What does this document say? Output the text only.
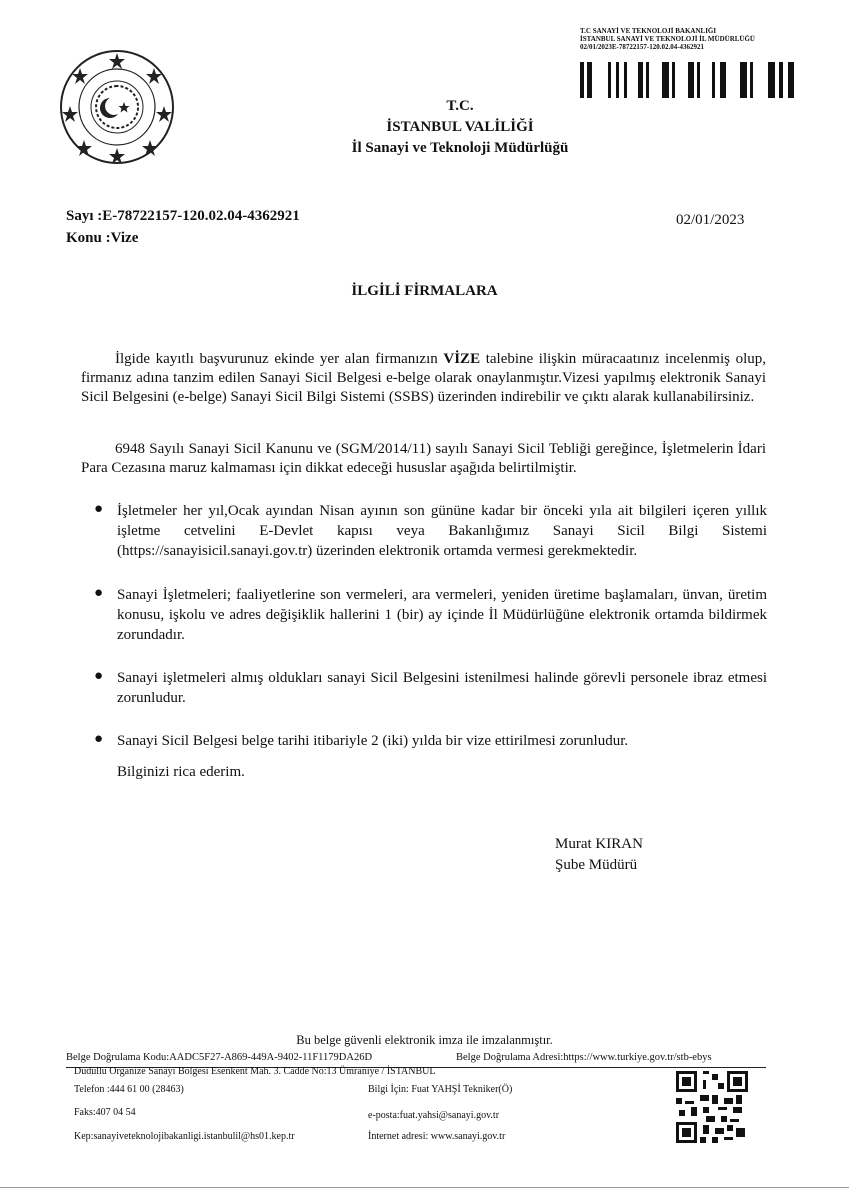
T.C SANAYİ VE TEKNOLOJİ BAKANLIĞI
İSTANBUL SANAYİ VE TEKNOLOJİ İL MÜDÜRLÜĞÜ
02/01/2023E-78722157-120.02.04-4362921
T.C.
İSTANBUL VALİLİĞİ
İl Sanayi ve Teknoloji Müdürlüğü
Sayı :E-78722157-120.02.04-4362921
Konu :Vize
02/01/2023
İLGİLİ FİRMALARA
İlgide kayıtlı başvurunuz ekinde yer alan firmanızın VİZE talebine ilişkin müracaatınız incelenmiş olup, firmanız adına tanzim edilen Sanayi Sicil Belgesi e-belge olarak onaylanmıştır.Vizesi yapılmış elektronik Sanayi Sicil Belgesini (e-belge) Sanayi Sicil Bilgi Sistemi (SSBS) üzerinden indirebilir ve çıktı alarak kullanabilirsiniz.
6948 Sayılı Sanayi Sicil Kanunu ve (SGM/2014/11) sayılı Sanayi Sicil Tebliği gereğince, İşletmelerin İdari Para Cezasına maruz kalmaması için dikkat edeceği hususlar aşağıda belirtilmiştir.
● İşletmeler her yıl,Ocak ayından Nisan ayının son gününe kadar bir önceki yıla ait bilgileri içeren yıllık işletme cetvelini E-Devlet kapısı veya Bakanlığımız Sanayi Sicil Bilgi Sistemi (https://sanayisicil.sanayi.gov.tr) üzerinden elektronik ortamda vermesi gerekmektedir.
● Sanayi İşletmeleri; faaliyetlerine son vermeleri, ara vermeleri, yeniden üretime başlamaları, ünvan, üretim konusu, işkolu ve adres değişiklik hallerini 1 (bir) ay içinde İl Müdürlüğüne elektronik ortamda bildirmek zorundadır.
● Sanayi işletmeleri almış oldukları sanayi Sicil Belgesini istenilmesi halinde görevli personele ibraz etmesi zorunludur.
● Sanayi Sicil Belgesi belge tarihi itibariyle 2 (iki) yılda bir vize ettirilmesi zorunludur.
Bilginizi rica ederim.
Murat KIRAN
Şube Müdürü
Bu belge güvenli elektronik imza ile imzalanmıştır.
Belge Doğrulama Kodu:AADC5F27-A869-449A-9402-11F1179DA26D	Belge Doğrulama Adresi:https://www.turkiye.gov.tr/stb-ebys
Dudullu Organize Sanayi Bölgesi Esenkent Mah. 3. Cadde No:13 Ümraniye / İSTANBUL
Telefon :444 61 00 (28463)	Bilgi İçin: Fuat YAHŞİ Tekniker(Ö)
Faks:407 04 54	e-posta:fuat.yahsi@sanayi.gov.tr
Kep:sanayiveteknolojibakanligi.istanbulil@hs01.kep.tr	İnternet adresi: www.sanayi.gov.tr
